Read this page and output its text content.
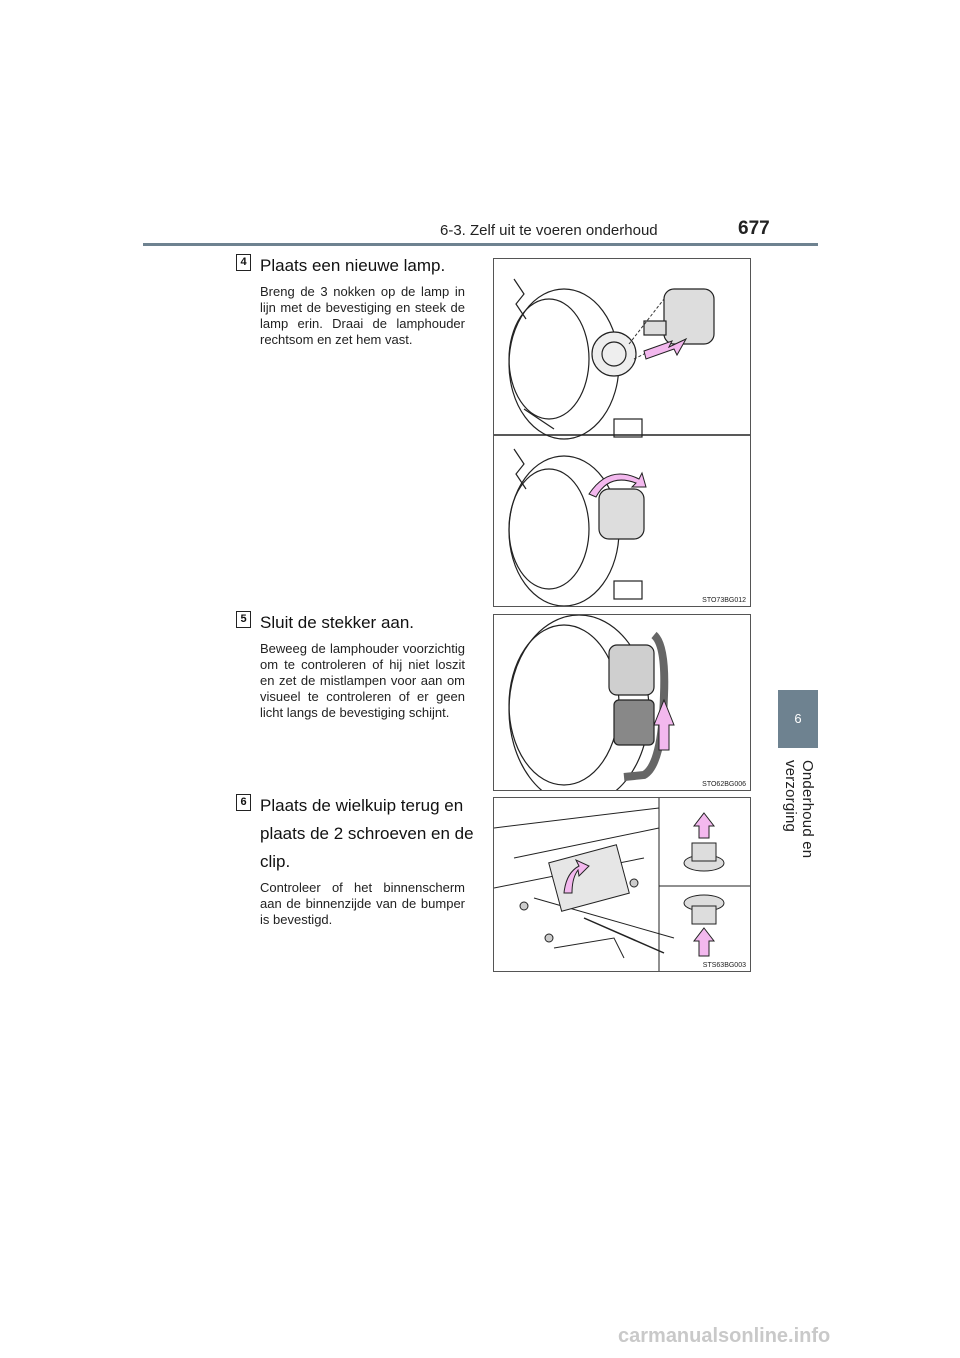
6-3. Zelf uit te voeren onderhoud	677
6
Onderhoud en verzorging
4 Plaats een nieuwe lamp.
Breng de 3 nokken op de lamp in lijn met de bevestiging en steek de lamp erin. Draai de lamphouder rechtsom en zet hem vast.
STO73BG012
5 Sluit de stekker aan.
Beweeg de lamphouder voorzichtig om te controleren of hij niet loszit en zet de mistlampen voor aan om visueel te controleren of er geen licht langs de bevestiging schijnt.
STO62BG006
6 Plaats de wielkuip terug en plaats de 2 schroeven en de clip.
Controleer of het binnenscherm aan de binnenzijde van de bumper is bevestigd.
STS63BG003
carmanualsonline.info
